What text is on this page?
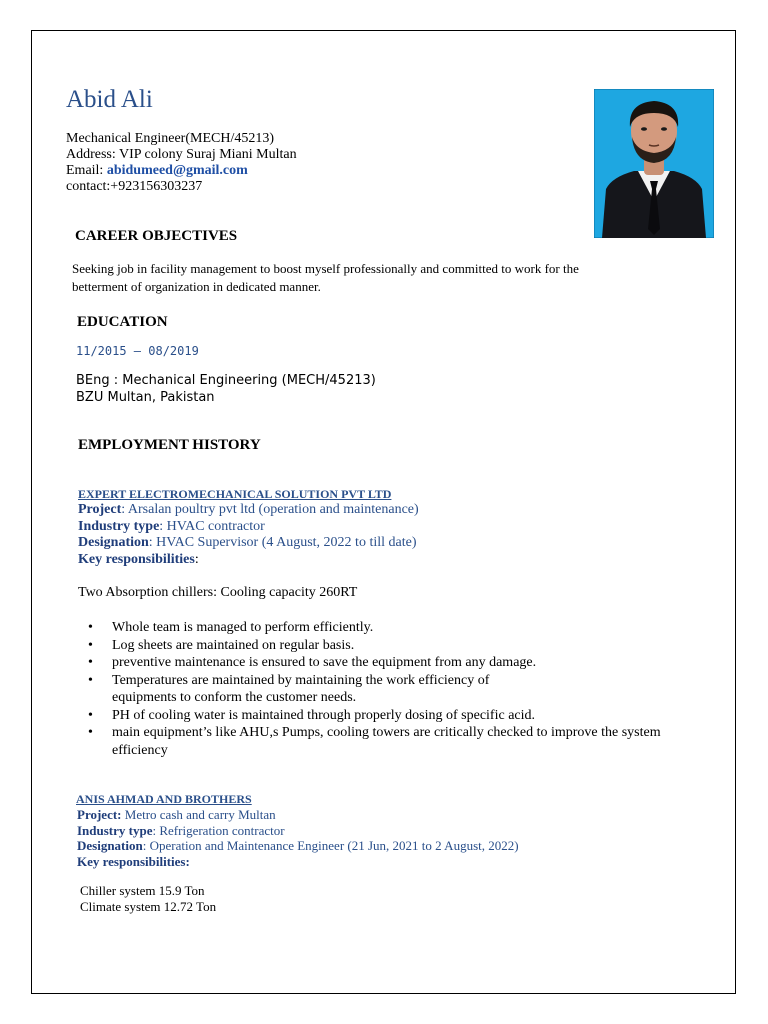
Abid Ali
Mechanical Engineer(MECH/45213)
Address: VIP colony Suraj Miani Multan
Email: abidumeed@gmail.com
contact:+923156303237
CAREER OBJECTIVES
Seeking job in facility management to boost myself professionally and committed to work for the
betterment of organization in dedicated manner.
EDUCATION
11/2015 – 08/2019
BEng : Mechanical Engineering (MECH/45213)
BZU Multan, Pakistan
EMPLOYMENT HISTORY
EXPERT ELECTROMECHANICAL SOLUTION PVT LTD
Project: Arsalan poultry pvt ltd (operation and maintenance)
Industry type: HVAC contractor
Designation: HVAC Supervisor (4 August, 2022 to till date)
Key responsibilities:
Two Absorption chillers: Cooling capacity 260RT
• Whole team is managed to perform efficiently.
• Log sheets are maintained on regular basis.
• preventive maintenance is ensured to save the equipment from any damage.
• Temperatures are maintained by maintaining the work efficiency of equipments to conform the customer needs.
• PH of cooling water is maintained through properly dosing of specific acid.
• main equipment’s like AHU,s Pumps, cooling towers are critically checked to improve the system efficiency
ANIS AHMAD AND BROTHERS
Project: Metro cash and carry Multan
Industry type: Refrigeration contractor
Designation: Operation and Maintenance Engineer (21 Jun, 2021 to 2 August, 2022)
Key responsibilities:
Chiller system 15.9 Ton
Climate system 12.72 Ton
